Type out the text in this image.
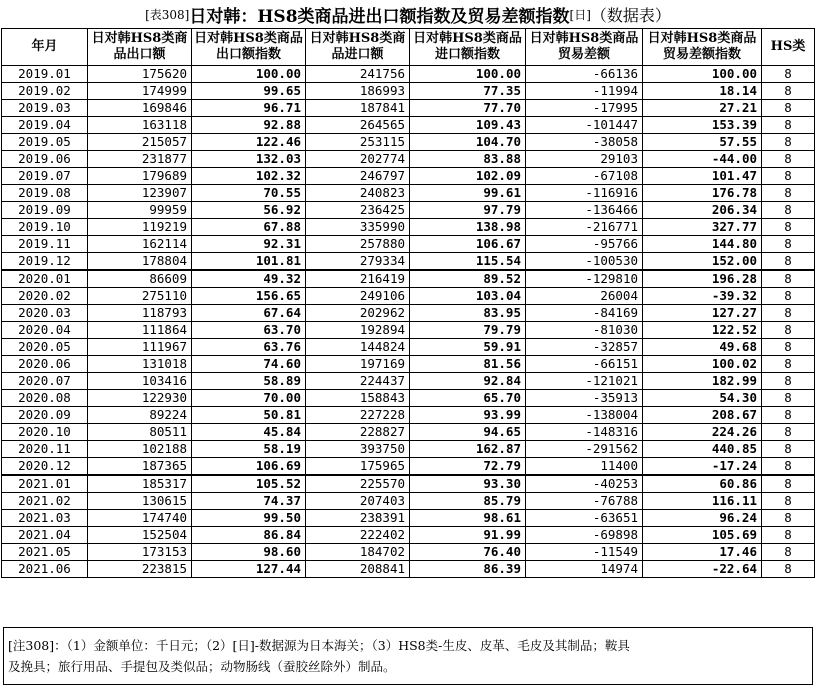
[表308] 日对韩：HS8类商品进出口额指数及贸易差额指数 [日] （数据表）
年月	日对韩HS8类商品出口额	日对韩HS8类商品出口额指数	日对韩HS8类商品进口额	日对韩HS8类商品进口额指数	日对韩HS8类商品贸易差额	日对韩HS8类商品贸易差额指数	HS类
2019.01	175620	100.00	241756	100.00	-66136	100.00	8
2019.02	174999	99.65	186993	77.35	-11994	18.14	8
2019.03	169846	96.71	187841	77.70	-17995	27.21	8
2019.04	163118	92.88	264565	109.43	-101447	153.39	8
2019.05	215057	122.46	253115	104.70	-38058	57.55	8
2019.06	231877	132.03	202774	83.88	29103	-44.00	8
2019.07	179689	102.32	246797	102.09	-67108	101.47	8
2019.08	123907	70.55	240823	99.61	-116916	176.78	8
2019.09	99959	56.92	236425	97.79	-136466	206.34	8
2019.10	119219	67.88	335990	138.98	-216771	327.77	8
2019.11	162114	92.31	257880	106.67	-95766	144.80	8
2019.12	178804	101.81	279334	115.54	-100530	152.00	8
2020.01	86609	49.32	216419	89.52	-129810	196.28	8
2020.02	275110	156.65	249106	103.04	26004	-39.32	8
2020.03	118793	67.64	202962	83.95	-84169	127.27	8
2020.04	111864	63.70	192894	79.79	-81030	122.52	8
2020.05	111967	63.76	144824	59.91	-32857	49.68	8
2020.06	131018	74.60	197169	81.56	-66151	100.02	8
2020.07	103416	58.89	224437	92.84	-121021	182.99	8
2020.08	122930	70.00	158843	65.70	-35913	54.30	8
2020.09	89224	50.81	227228	93.99	-138004	208.67	8
2020.10	80511	45.84	228827	94.65	-148316	224.26	8
2020.11	102188	58.19	393750	162.87	-291562	440.85	8
2020.12	187365	106.69	175965	72.79	11400	-17.24	8
2021.01	185317	105.52	225570	93.30	-40253	60.86	8
2021.02	130615	74.37	207403	85.79	-76788	116.11	8
2021.03	174740	99.50	238391	98.61	-63651	96.24	8
2021.04	152504	86.84	222402	91.99	-69898	105.69	8
2021.05	173153	98.60	184702	76.40	-11549	17.46	8
2021.06	223815	127.44	208841	86.39	14974	-22.64	8
[注308]：（1）金额单位：千日元；（2）[日]-数据源为日本海关；（3）HS8类-生皮、皮革、毛皮及其制品；鞍具
及挽具；旅行用品、手提包及类似品；动物肠线（蚕胶丝除外）制品。
